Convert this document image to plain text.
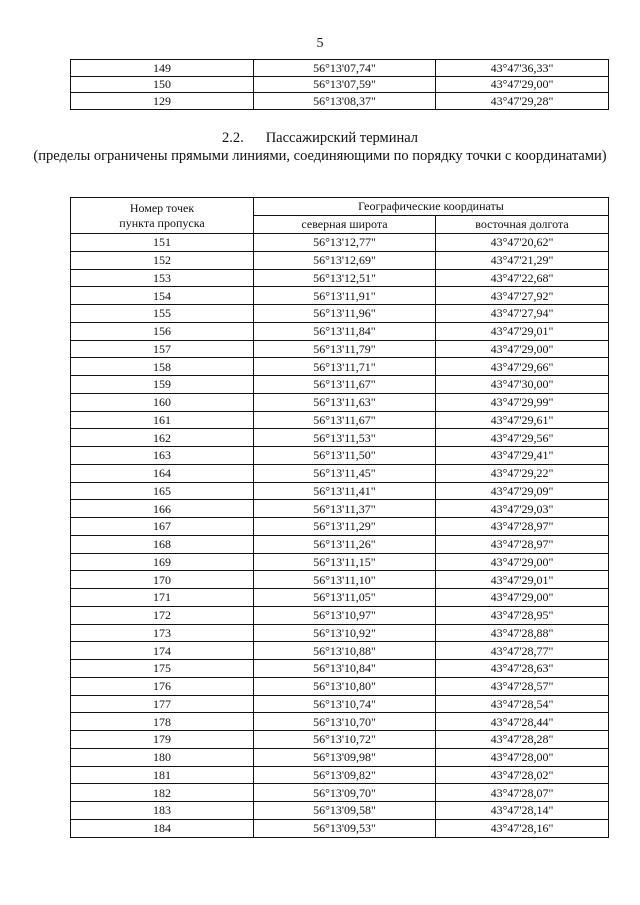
5
149	56°13'07,74"	43°47'36,33"
150	56°13'07,59"	43°47'29,00"
129	56°13'08,37"	43°47'29,28"
2.2. Пассажирский терминал
(пределы ограничены прямыми линиями, соединяющими по порядку точки с координатами)
Номер точек пункта пропуска	Географические координаты	
	северная широта	восточная долгота
151	56°13'12,77"	43°47'20,62"
152	56°13'12,69"	43°47'21,29"
153	56°13'12,51"	43°47'22,68"
154	56°13'11,91"	43°47'27,92"
155	56°13'11,96"	43°47'27,94"
156	56°13'11,84"	43°47'29,01"
157	56°13'11,79"	43°47'29,00"
158	56°13'11,71"	43°47'29,66"
159	56°13'11,67"	43°47'30,00"
160	56°13'11,63"	43°47'29,99"
161	56°13'11,67"	43°47'29,61"
162	56°13'11,53"	43°47'29,56"
163	56°13'11,50"	43°47'29,41"
164	56°13'11,45"	43°47'29,22"
165	56°13'11,41"	43°47'29,09"
166	56°13'11,37"	43°47'29,03"
167	56°13'11,29"	43°47'28,97"
168	56°13'11,26"	43°47'28,97"
169	56°13'11,15"	43°47'29,00"
170	56°13'11,10"	43°47'29,01"
171	56°13'11,05"	43°47'29,00"
172	56°13'10,97"	43°47'28,95"
173	56°13'10,92"	43°47'28,88"
174	56°13'10,88"	43°47'28,77"
175	56°13'10,84"	43°47'28,63"
176	56°13'10,80"	43°47'28,57"
177	56°13'10,74"	43°47'28,54"
178	56°13'10,70"	43°47'28,44"
179	56°13'10,72"	43°47'28,28"
180	56°13'09,98"	43°47'28,00"
181	56°13'09,82"	43°47'28,02"
182	56°13'09,70"	43°47'28,07"
183	56°13'09,58"	43°47'28,14"
184	56°13'09,53"	43°47'28,16"
